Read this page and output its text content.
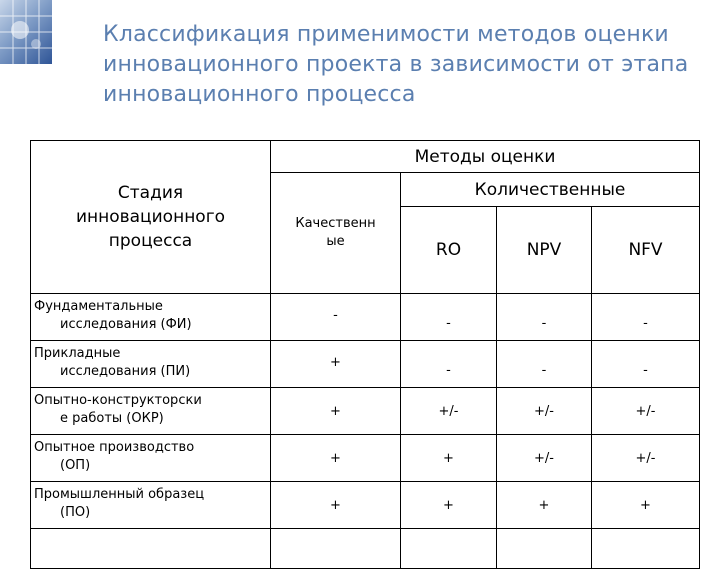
Классификация применимости методов оценки
инновационного проекта в зависимости от этапа
инновационного процесса
Стадия
инновационного
процесса	Методы оценки			

	Качественн
ые	Количественные		
		RO	NPV	NFV
Фундаментальные
исследования (ФИ)	-	-	-	-
Прикладные
исследования (ПИ)	+	-	-	-
Опытно-конструкторски
е работы (ОКР)	+	+/-	+/-	+/-
Опытное производство
(ОП)	+	+	+/-	+/-
Промышленный образец
(ПО)	+	+	+	+
